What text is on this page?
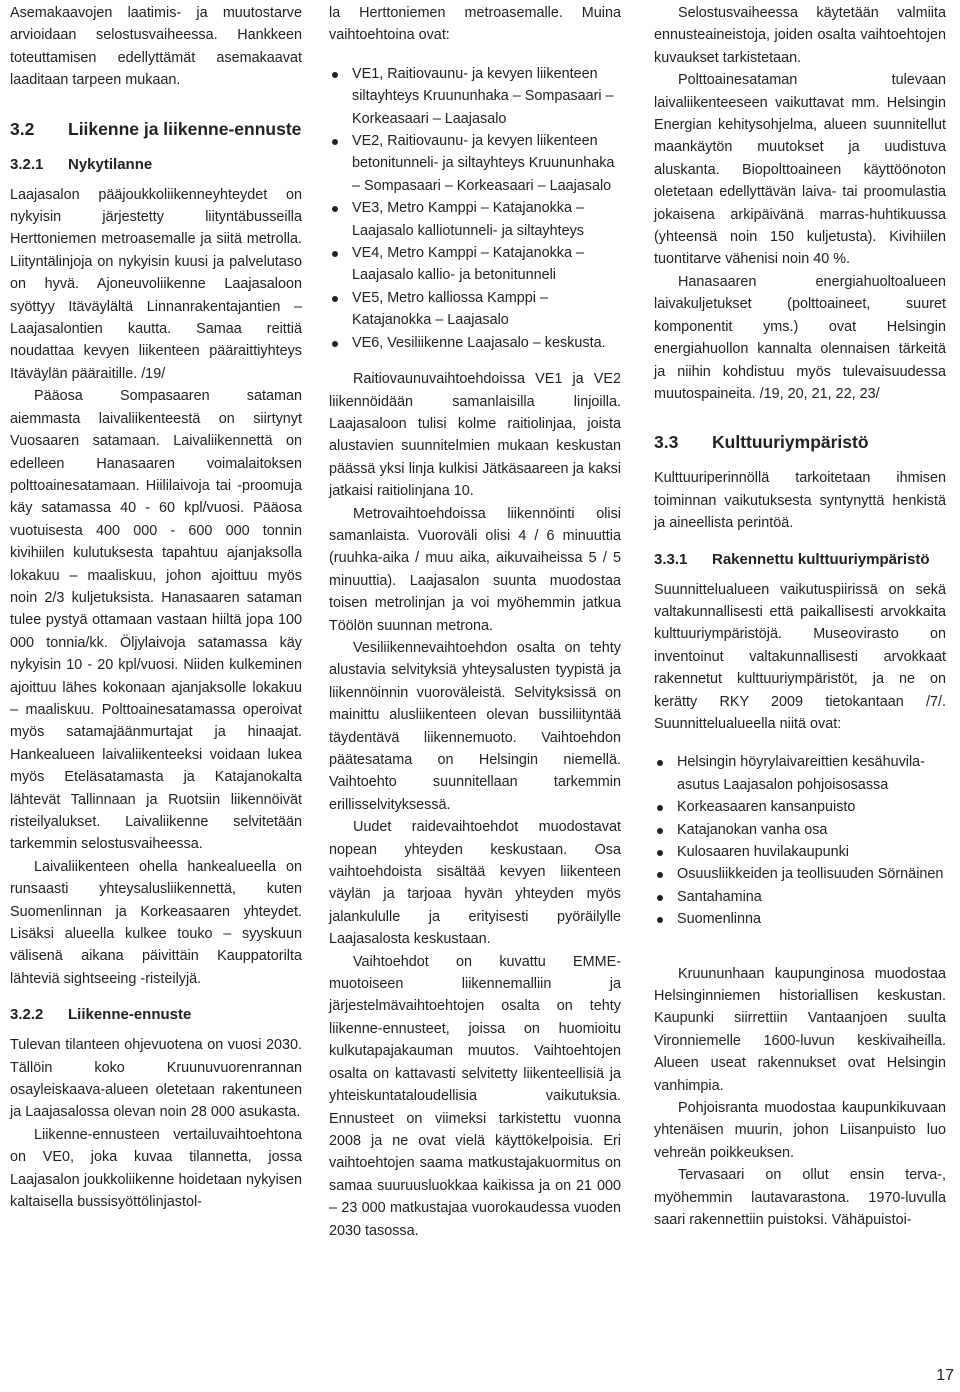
Asemakaavojen laatimis- ja muutostarve arvioidaan selostusvaiheessa. Hankkeen toteuttamisen edellyttämät asemakaavat laaditaan tarpeen mukaan.

3.2	Liikenne ja liikenne-ennuste
3.2.1	Nykytilanne

Laajasalon pääjoukkoliikenneyhteydet on nykyisin järjestetty liityntäbusseilla Herttoniemen metroasemalle ja siitä metrolla. Liityntälinjoja on nykyisin kuusi ja palvelutaso on hyvä. Ajoneuvoliikenne Laajasaloon syöttyy Itäväylältä Linnanrakentajantien – Laajasalontien kautta. Samaa reittiä noudattaa kevyen liikenteen pääraittiyhteys Itäväylän pääraitille. /19/

Pääosa Sompasaaren sataman aiemmasta laivaliikenteestä on siirtynyt Vuosaaren satamaan. Laivaliikennettä on edelleen Hanasaaren voimalaitoksen polttoainesatamaan. Hiililaivoja tai -proomuja käy satamassa 40 - 60 kpl/vuosi. Pääosa vuotuisesta 400 000 - 600 000 tonnin kivihiilen kulutuksesta tapahtuu ajanjaksolla lokakuu – maaliskuu, johon ajoittuu myös noin 2/3 kuljetuksista. Hanasaaren sataman tulee pystyä ottamaan vastaan hiiltä jopa 100 000 tonnia/kk. Öljylaivoja satamassa käy nykyisin 10 - 20 kpl/vuosi. Niiden kulkeminen ajoittuu lähes kokonaan ajanjaksolle lokakuu – maaliskuu. Polttoainesatamassa operoivat myös satamajäänmurtajat ja hinaajat. Hankealueen laivaliikenteeksi voidaan lukea myös Eteläsatamasta ja Katajanokalta lähtevät Tallinnaan ja Ruotsiin liikennöivät risteilyalukset. Laivaliikenne selvitetään tarkemmin selostusvaiheessa.

Laivaliikenteen ohella hankealueella on runsaasti yhteysalusliikennettä, kuten Suomenlinnan ja Korkeasaaren yhteydet. Lisäksi alueella kulkee touko – syyskuun välisenä aikana päivittäin Kauppatorilta lähteviä sightseeing -risteilyjä.

3.2.2	Liikenne-ennuste

Tulevan tilanteen ohjevuotena on vuosi 2030. Tällöin koko Kruunuvuorenrannan osayleiskaava-alueen oletetaan rakentuneen ja Laajasalossa olevan noin 28 000 asukasta.

Liikenne-ennusteen vertailuvaihtoehtona on VE0, joka kuvaa tilannetta, jossa Laajasalon joukkoliikenne hoidetaan nykyisen kaltaisella bussisyöttölinjastol-

la Herttoniemen metroasemalle. Muina vaihtoehtoina ovat:

VE1, Raitiovaunu- ja kevyen liikenteen siltayhteys Kruununhaka – Sompasaari – Korkeasaari – Laajasalo
VE2, Raitiovaunu- ja kevyen liikenteen betonitunneli- ja siltayhteys Kruununhaka – Sompasaari – Korkeasaari – Laajasalo
VE3, Metro Kamppi – Katajanokka – Laajasalo kalliotunneli- ja siltayhteys
VE4, Metro Kamppi – Katajanokka – Laajasalo kallio- ja betonitunneli
VE5, Metro kalliossa Kamppi – Katajanokka – Laajasalo
VE6, Vesiliikenne Laajasalo – keskusta.

Raitiovaunuvaihtoehdoissa VE1 ja VE2 liikennöidään samanlaisilla linjoilla. Laajasaloon tulisi kolme raitiolinjaa, joista alustavien suunnitelmien mukaan keskustan päässä yksi linja kulkisi Jätkäsaareen ja kaksi jatkaisi raitiolinjana 10.

Metrovaihtoehdoissa liikennöinti olisi samanlaista. Vuoroväli olisi 4 / 6 minuuttia (ruuhka-aika / muu aika, aikuvaiheissa 5 / 5 minuuttia). Laajasalon suunta muodostaa toisen metrolinjan ja voi myöhemmin jatkua Töölön suunnan metrona.

Vesiliikennevaihtoehdon osalta on tehty alustavia selvityksiä yhteysalusten tyypistä ja liikennöinnin vuoroväleistä. Selvityksissä on mainittu alusliikenteen olevan bussiliityntää täydentävä liikennemuoto. Vaihtoehdon päätesatama on Helsingin niemellä. Vaihtoehto suunnitellaan tarkemmin erillisselvityksessä.

Uudet raidevaihtoehdot muodostavat nopean yhteyden keskustaan. Osa vaihtoehdoista sisältää kevyen liikenteen väylän ja tarjoaa hyvän yhteyden myös jalankululle ja erityisesti pyöräilylle Laajasalosta keskustaan.

Vaihtoehdot on kuvattu EMME-muotoiseen liikennemalliin ja järjestelmävaihtoehtojen osalta on tehty liikenne-ennusteet, joissa on huomioitu kulkutapajakauman muutos. Vaihtoehtojen osalta on kattavasti selvitetty liikenteellisiä ja yhteiskuntataloudellisia vaikutuksia. Ennusteet on viimeksi tarkistettu vuonna 2008 ja ne ovat vielä käyttökelpoisia. Eri vaihtoehtojen saama matkustajakuormitus on samaa suuruusluokkaa kaikissa ja on 21 000 – 23 000 matkustajaa vuorokaudessa vuoden 2030 tasossa.

Selostusvaiheessa käytetään valmiita ennusteaineistoja, joiden osalta vaihtoehtojen kuvaukset tarkistetaan.

Polttoainesataman tulevaan laivaliikenteeseen vaikuttavat mm. Helsingin Energian kehitysohjelma, alueen suunnitellut maankäytön muutokset ja uudistuva aluskanta. Biopolttoaineen käyttöönoton oletetaan edellyttävän laiva- tai proomulastia jokaisena arkipäivänä marras-huhtikuussa (yhteensä noin 150 kuljetusta). Kivihiilen tuontitarve vähenisi noin 40 %.

Hanasaaren energiahuoltoalueen laivakuljetukset (polttoaineet, suuret komponentit yms.) ovat Helsingin energiahuollon kannalta olennaisen tärkeitä ja niihin kohdistuu myös tulevaisuudessa muutospaineita. /19, 20, 21, 22, 23/

3.3	Kulttuuriympäristö

Kulttuuriperinnöllä tarkoitetaan ihmisen toiminnan vaikutuksesta syntynyttä henkistä ja aineellista perintöä.

3.3.1	Rakennettu kulttuuriympäristö

Suunnittelualueen vaikutuspiirissä on sekä valtakunnallisesti että paikallisesti arvokkaita kulttuuriympäristöjä. Museovirasto on inventoinut valtakunnallisesti arvokkaat rakennetut kulttuuriympäristöt, ja ne on kerätty RKY 2009 tietokantaan /7/. Suunnittelualueella niitä ovat:

Helsingin höyrylaivareittien kesähuvila-asutus Laajasalon pohjoisosassa
Korkeasaaren kansanpuisto
Katajanokan vanha osa
Kulosaaren huvilakaupunki
Osuusliikkeiden ja teollisuuden Sörnäinen
Santahamina
Suomenlinna

Kruununhaan kaupunginosa muodostaa Helsinginniemen historiallisen keskustan. Kaupunki siirrettiin Vantaanjoen suulta Vironniemelle 1600-luvun keskivaiheilla. Alueen useat rakennukset ovat Helsingin vanhimpia.

Pohjoisranta muodostaa kaupunkikuvaan yhtenäisen muurin, johon Liisanpuisto luo vehreän poikkeuksen.

Tervasaari on ollut ensin terva-, myöhemmin lautavarastona. 1970-luvulla saari rakennettiin puistoksi. Vähäpuistoi-

17
